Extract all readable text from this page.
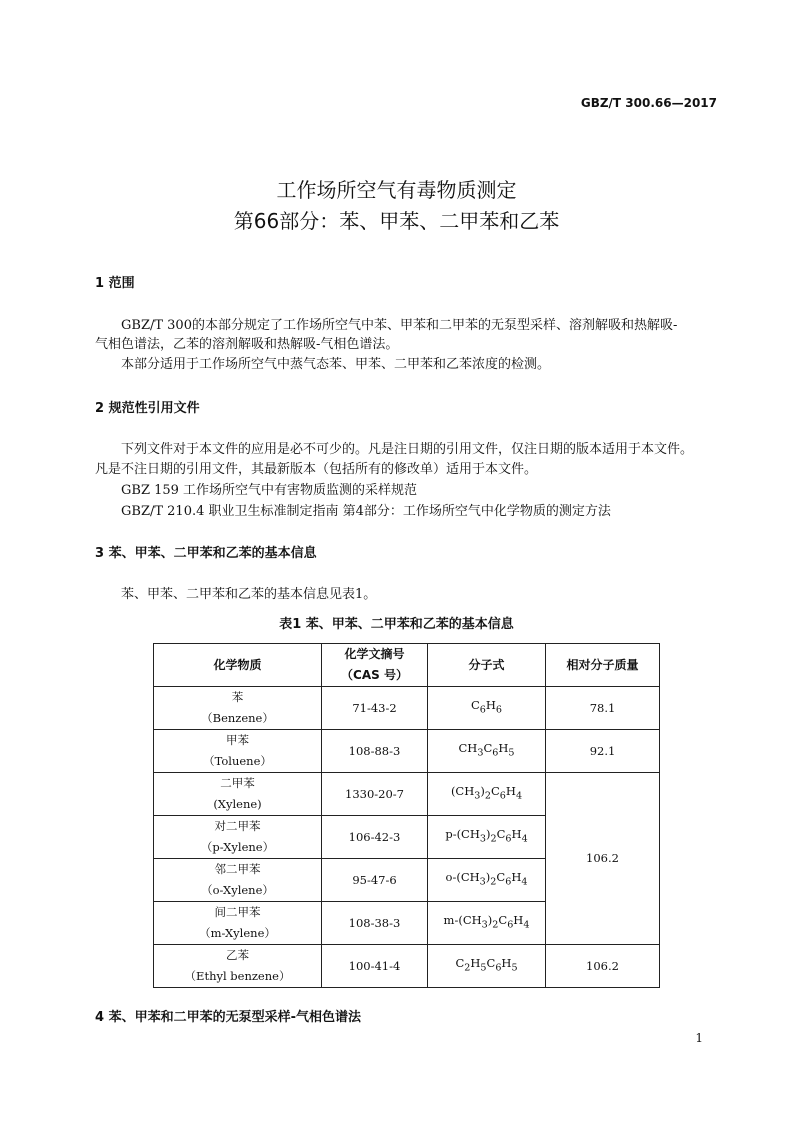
GBZ/T 300.66—2017
工作场所空气有毒物质测定
第66部分：苯、甲苯、二甲苯和乙苯
1 范围
GBZ/T 300的本部分规定了工作场所空气中苯、甲苯和二甲苯的无泵型采样、溶剂解吸和热解吸-
气相色谱法，乙苯的溶剂解吸和热解吸-气相色谱法。
本部分适用于工作场所空气中蒸气态苯、甲苯、二甲苯和乙苯浓度的检测。
2 规范性引用文件
下列文件对于本文件的应用是必不可少的。凡是注日期的引用文件，仅注日期的版本适用于本文件。
凡是不注日期的引用文件，其最新版本（包括所有的修改单）适用于本文件。
GBZ 159 工作场所空气中有害物质监测的采样规范
GBZ/T 210.4 职业卫生标准制定指南 第4部分：工作场所空气中化学物质的测定方法
3 苯、甲苯、二甲苯和乙苯的基本信息
苯、甲苯、二甲苯和乙苯的基本信息见表1。
表1 苯、甲苯、二甲苯和乙苯的基本信息
化学物质	化学文摘号
（CAS 号）	分子式	相对分子质量
苯
（Benzene）	71-43-2	$C_6H_6$	78.1
甲苯
（Toluene）	108-88-3	$CH_3C_6H_5$	92.1
二甲苯
(Xylene)	1330-20-7	$(CH_3)_2C_6H_4$	106.2
对二甲苯
（p-Xylene）	106-42-3	$p-(CH_3)_2C_6H_4$
邻二甲苯
（o-Xylene）	95-47-6	$o-(CH_3)_2C_6H_4$
间二甲苯
（m-Xylene）	108-38-3	$m-(CH_3)_2C_6H_4$
乙苯
（Ethyl benzene）	100-41-4	$C_2H_5C_6H_5$	106.2
4 苯、甲苯和二甲苯的无泵型采样-气相色谱法
1
